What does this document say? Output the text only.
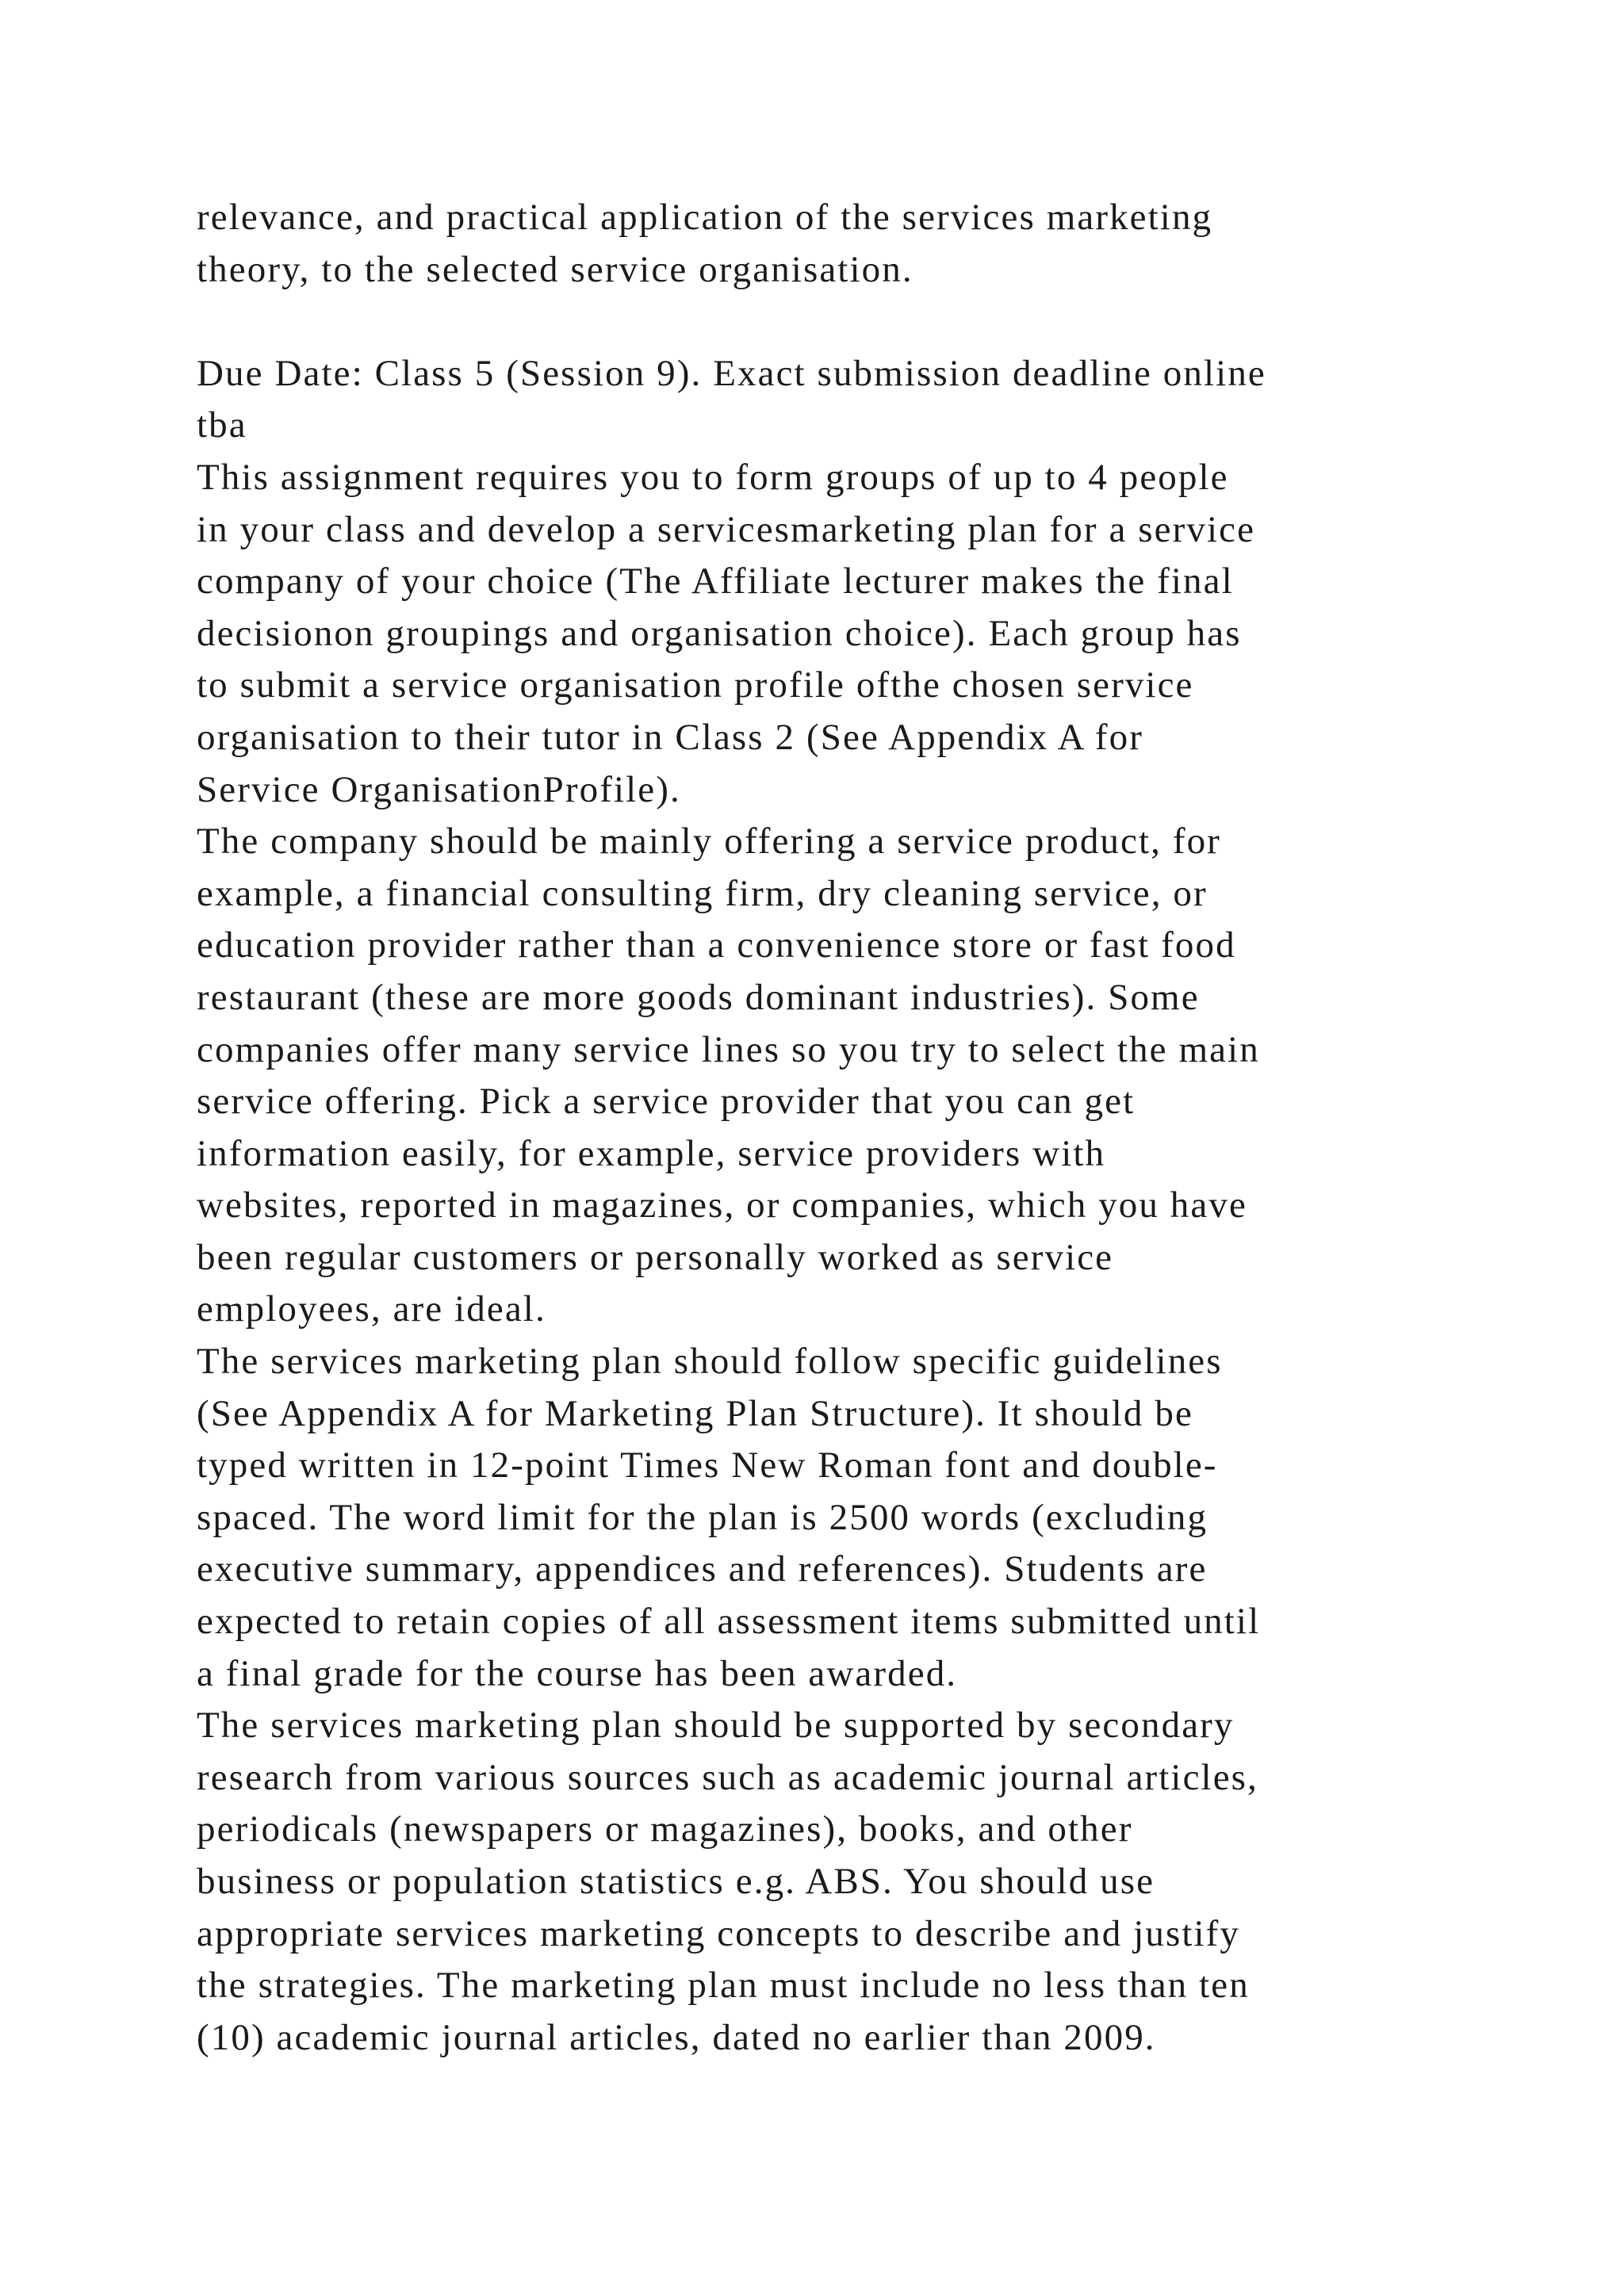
relevance, and practical application of the services marketing
theory, to the selected service organisation.
Due Date: Class 5 (Session 9). Exact submission deadline online
tba
This assignment requires you to form groups of up to 4 people
in your class and develop a servicesmarketing plan for a service
company of your choice (The Affiliate lecturer makes the final
decisionon groupings and organisation choice). Each group has
to submit a service organisation profile ofthe chosen service
organisation to their tutor in Class 2 (See Appendix A for
Service OrganisationProfile).
The company should be mainly offering a service product, for
example, a financial consulting firm, dry cleaning service, or
education provider rather than a convenience store or fast food
restaurant (these are more goods dominant industries). Some
companies offer many service lines so you try to select the main
service offering. Pick a service provider that you can get
information easily, for example, service providers with
websites, reported in magazines, or companies, which you have
been regular customers or personally worked as service
employees, are ideal.
The services marketing plan should follow specific guidelines
(See Appendix A for Marketing Plan Structure). It should be
typed written in 12-point Times New Roman font and double-
spaced. The word limit for the plan is 2500 words (excluding
executive summary, appendices and references). Students are
expected to retain copies of all assessment items submitted until
a final grade for the course has been awarded.
The services marketing plan should be supported by secondary
research from various sources such as academic journal articles,
periodicals (newspapers or magazines), books, and other
business or population statistics e.g. ABS. You should use
appropriate services marketing concepts to describe and justify
the strategies. The marketing plan must include no less than ten
(10) academic journal articles, dated no earlier than 2009.
